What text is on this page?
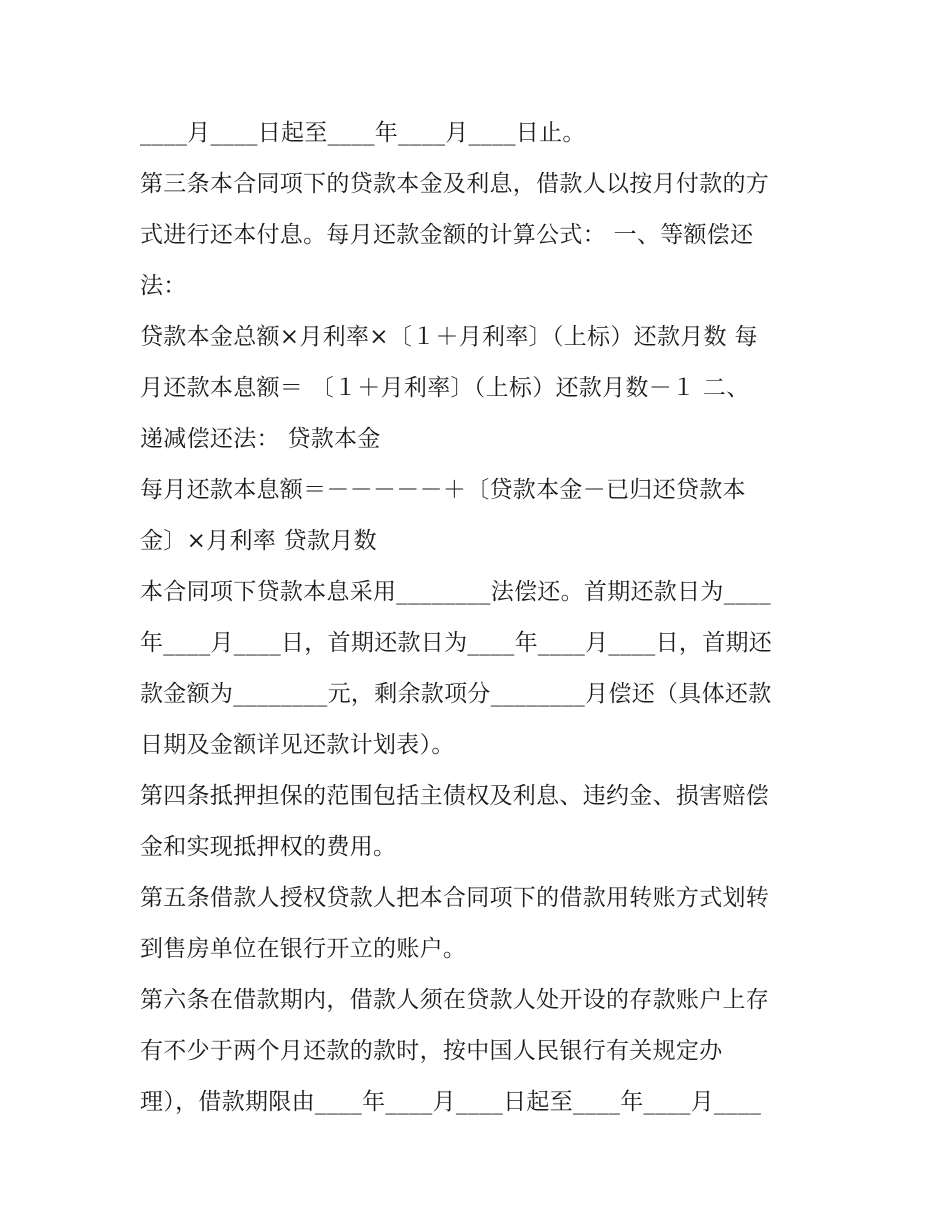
____月____日起至____年____月____日止。
第三条本合同项下的贷款本金及利息，借款人以按月付款的方
式进行还本付息。每月还款金额的计算公式： 一、等额偿还
法：
贷款本金总额×月利率×〔１＋月利率〕（上标）还款月数 每
月还款本息额＝ 〔１＋月利率〕（上标）还款月数－１ 二、
递减偿还法： 贷款本金
每月还款本息额＝－－－－－＋〔贷款本金－已归还贷款本
金〕×月利率 贷款月数
本合同项下贷款本息采用________法偿还。首期还款日为____
年____月____日，首期还款日为____年____月____日，首期还
款金额为________元，剩余款项分________月偿还（具体还款
日期及金额详见还款计划表）。
第四条抵押担保的范围包括主债权及利息、违约金、损害赔偿
金和实现抵押权的费用。
第五条借款人授权贷款人把本合同项下的借款用转账方式划转
到售房单位在银行开立的账户。
第六条在借款期内，借款人须在贷款人处开设的存款账户上存
有不少于两个月还款的款时，按中国人民银行有关规定办
理），借款期限由____年____月____日起至____年____月____
